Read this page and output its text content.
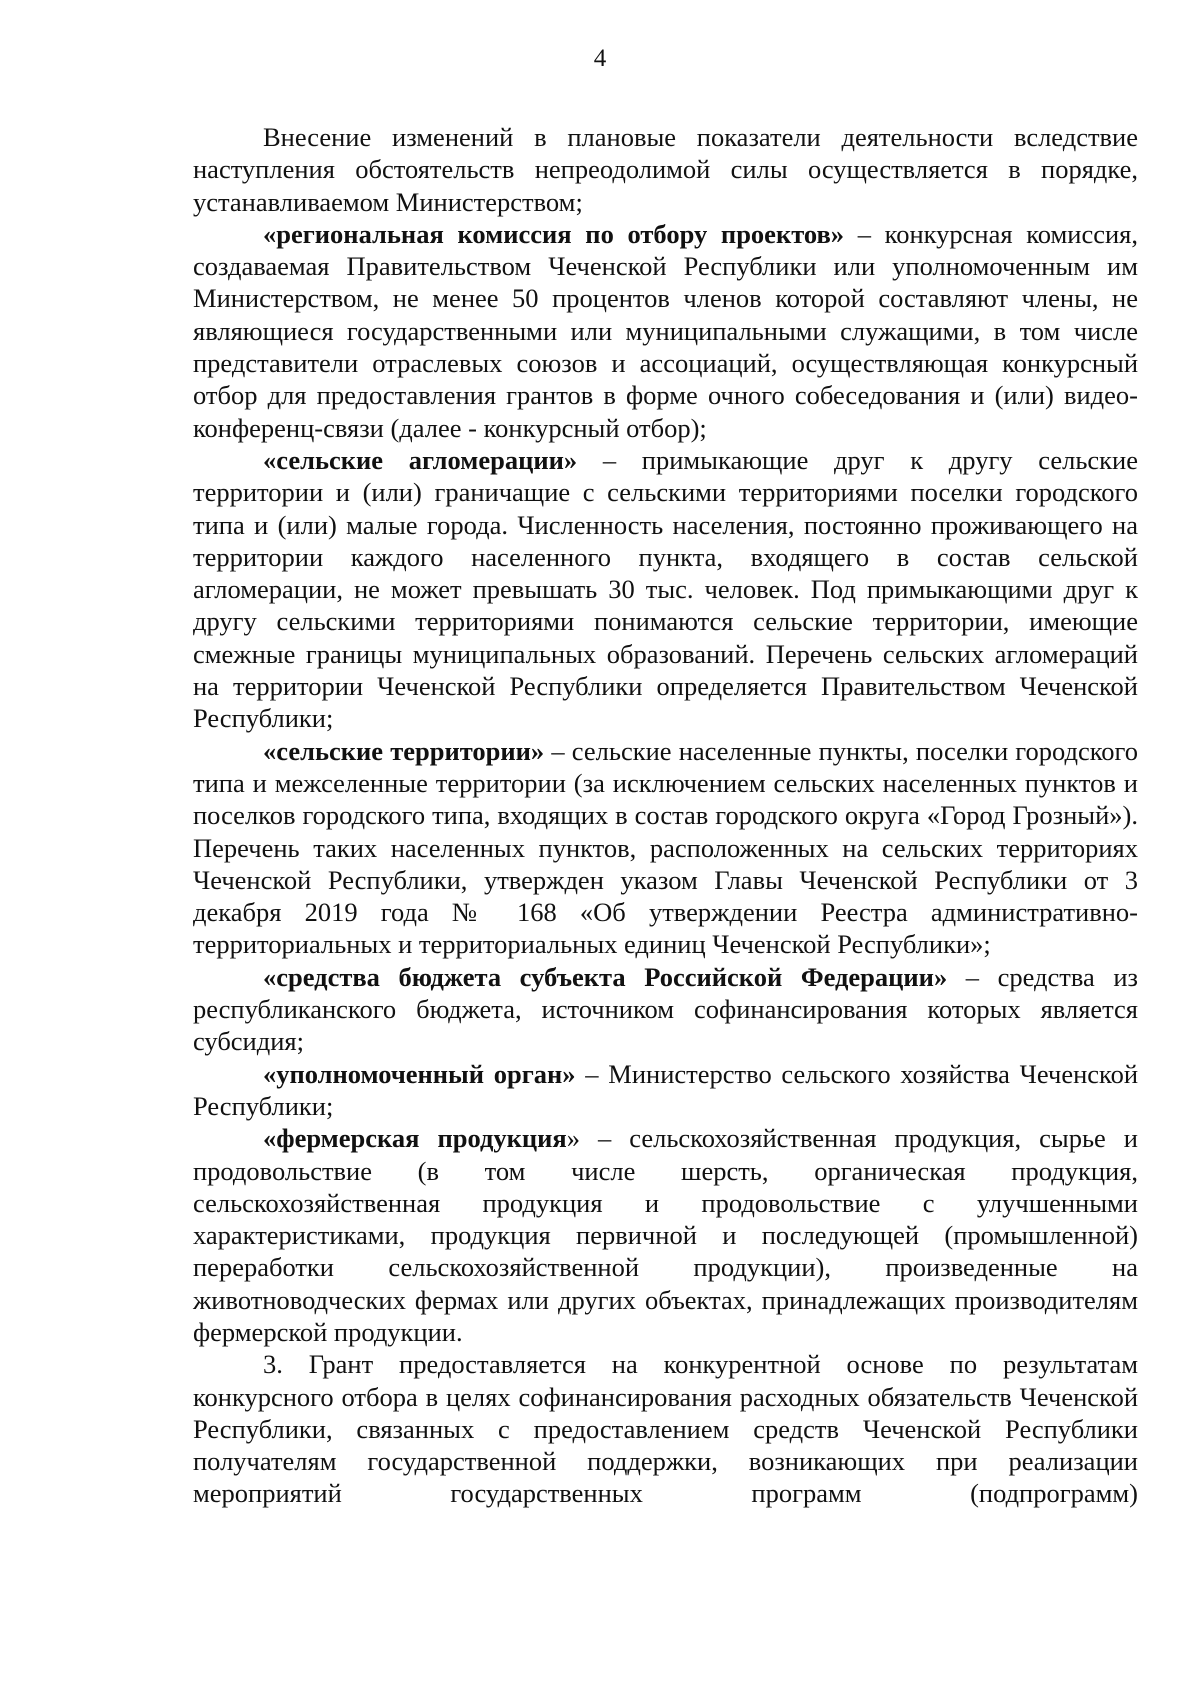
4

Внесение изменений в плановые показатели деятельности вследствие наступления обстоятельств непреодолимой силы осуществляется в порядке, устанавливаемом Министерством;

«региональная комиссия по отбору проектов» – конкурсная комиссия, создаваемая Правительством Чеченской Республики или уполномоченным им Министерством, не менее 50 процентов членов которой составляют члены, не являющиеся государственными или муниципальными служащими, в том числе представители отраслевых союзов и ассоциаций, осуществляющая конкурсный отбор для предоставления грантов в форме очного собеседования и (или) видео-конференц-связи (далее - конкурсный отбор);

«сельские агломерации» – примыкающие друг к другу сельские территории и (или) граничащие с сельскими территориями поселки городского типа и (или) малые города. Численность населения, постоянно проживающего на территории каждого населенного пункта, входящего в состав сельской агломерации, не может превышать 30 тыс. человек. Под примыкающими друг к другу сельскими территориями понимаются сельские территории, имеющие смежные границы муниципальных образований. Перечень сельских агломераций на территории Чеченской Республики определяется Правительством Чеченской Республики;

«сельские территории» – сельские населенные пункты, поселки городского типа и межселенные территории (за исключением сельских населенных пунктов и поселков городского типа, входящих в состав городского округа «Город Грозный»). Перечень таких населенных пунктов, расположенных на сельских территориях Чеченской Республики, утвержден указом Главы Чеченской Республики от 3 декабря 2019 года № 168 «Об утверждении Реестра административно-территориальных и территориальных единиц Чеченской Республики»;

«средства бюджета субъекта Российской Федерации» – средства из республиканского бюджета, источником софинансирования которых является субсидия;

«уполномоченный орган» – Министерство сельского хозяйства Чеченской Республики;

«фермерская продукция» – сельскохозяйственная продукция, сырье и продовольствие (в том числе шерсть, органическая продукция, сельскохозяйственная продукция и продовольствие с улучшенными характеристиками, продукция первичной и последующей (промышленной) переработки сельскохозяйственной продукции), произведенные на животноводческих фермах или других объектах, принадлежащих производителям фермерской продукции.

3. Грант предоставляется на конкурентной основе по результатам конкурсного отбора в целях софинансирования расходных обязательств Чеченской Республики, связанных с предоставлением средств Чеченской Республики получателям государственной поддержки, возникающих при реализации мероприятий государственных программ (подпрограмм)
